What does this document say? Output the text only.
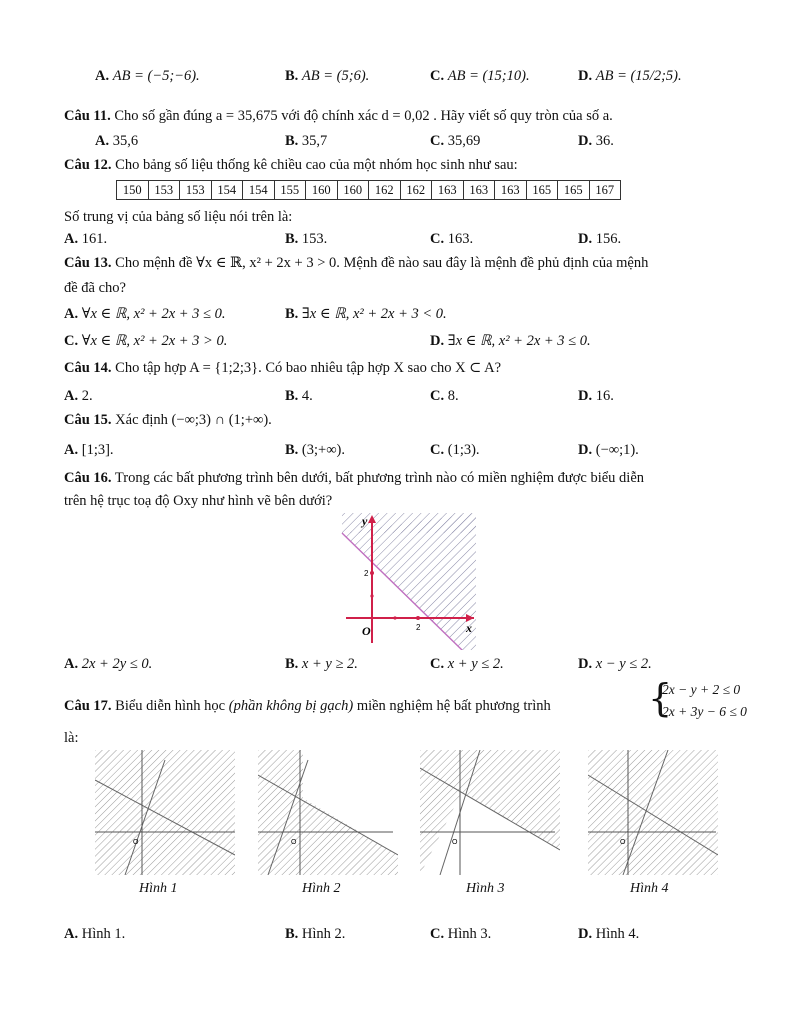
A. AB = (−5;−6).	B. AB = (5;6).	C. AB = (15;10).	D. AB = (15/2;5).
Câu 11. Cho số gần đúng a = 35,675 với độ chính xác d = 0,02 . Hãy viết số quy tròn của số a.
A. 35,6	B. 35,7	C. 35,69	D. 36.
Câu 12. Cho bảng số liệu thống kê chiều cao của một nhóm học sinh như sau:
150	153	153	154	154	155	160	160	162	162	163	163	163	165	165	167
Số trung vị của bảng số liệu nói trên là:
A. 161.	B. 153.	C. 163.	D. 156.
Câu 13. Cho mệnh đề ∀x ∈ ℝ, x² + 2x + 3 > 0. Mệnh đề nào sau đây là mệnh đề phủ định của mệnh
đề đã cho?
A. ∀x ∈ ℝ, x² + 2x + 3 ≤ 0.	B. ∃x ∈ ℝ, x² + 2x + 3 < 0.
C. ∀x ∈ ℝ, x² + 2x + 3 > 0.	D. ∃x ∈ ℝ, x² + 2x + 3 ≤ 0.
Câu 14. Cho tập hợp A = {1;2;3}. Có bao nhiêu tập hợp X sao cho X ⊂ A?
A. 2.	B. 4.	C. 8.	D. 16.
Câu 15. Xác định (−∞;3) ∩ (1;+∞).
A. [1;3].	B. (3;+∞).	C. (1;3).	D. (−∞;1).
Câu 16. Trong các bất phương trình bên dưới, bất phương trình nào có miền nghiệm được biểu diễn
trên hệ trục toạ độ Oxy như hình vẽ bên dưới?
y
x
O
2
2
A. 2x + 2y ≤ 0.	B. x + y ≥ 2.	C. x + y ≤ 2.	D. x − y ≤ 2.
Câu 17. Biểu diễn hình học (phần không bị gạch) miền nghiệm hệ bất phương trình	{
2x − y + 2 ≤ 0
2x + 3y − 6 ≤ 0
là:
O
Hình 1
O
Hình 2
O
Hình 3
O
Hình 4
A. Hình 1.	B. Hình 2.	C. Hình 3.	D. Hình 4.
